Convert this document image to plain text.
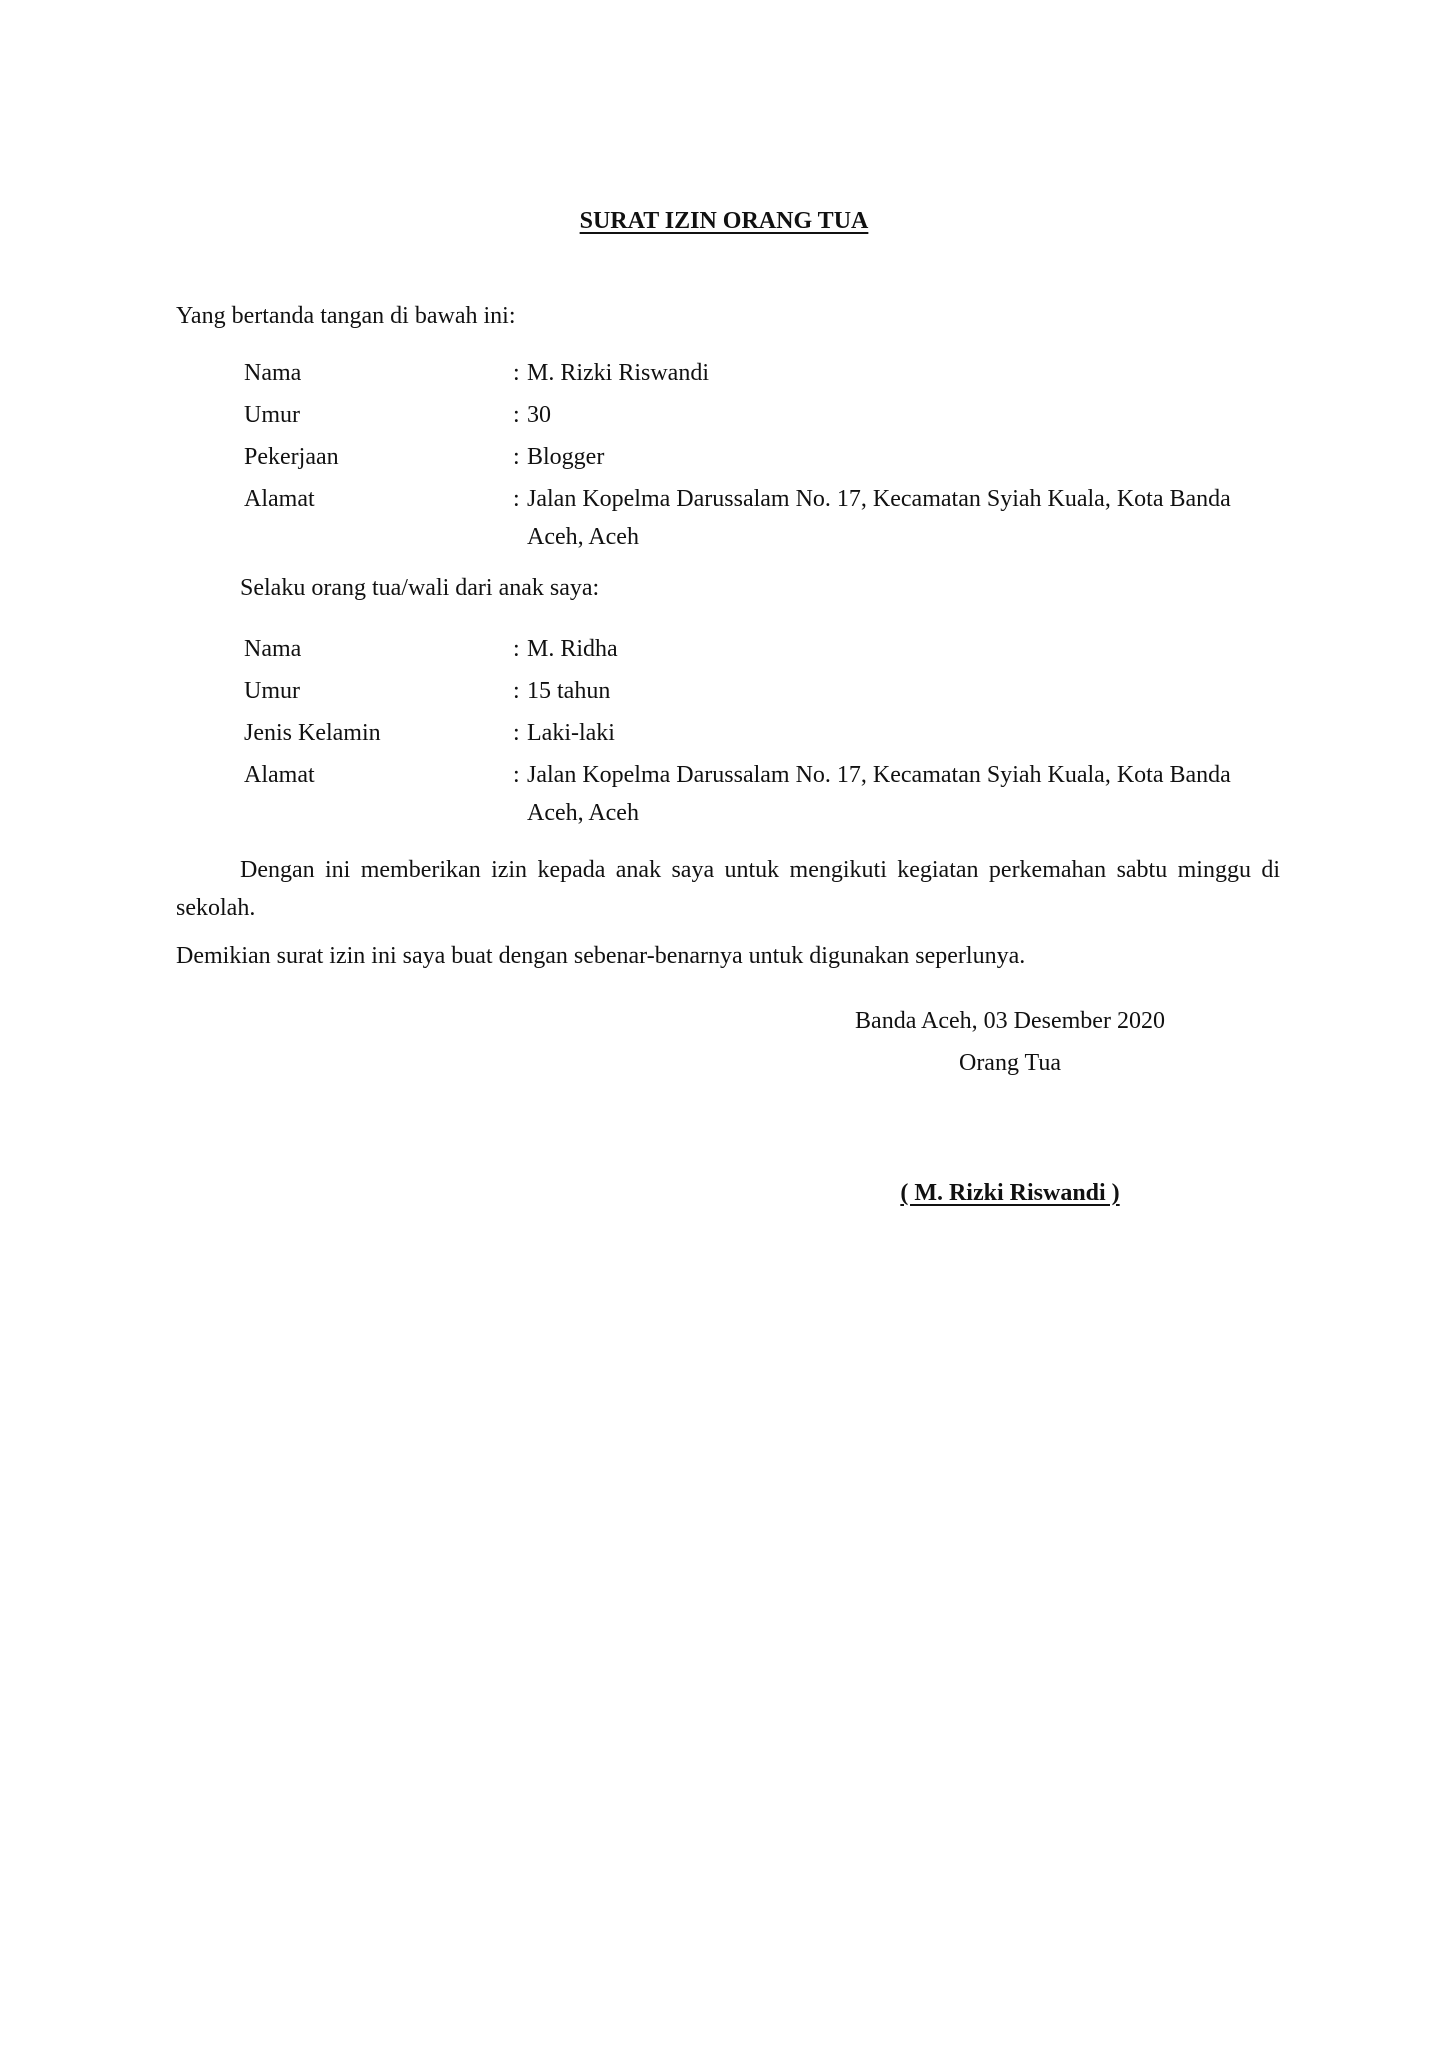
SURAT IZIN ORANG TUA
Yang bertanda tangan di bawah ini:
Nama	: M. Rizki Riswandi
Umur	: 30
Pekerjaan	: Blogger
Alamat	: Jalan Kopelma Darussalam No. 17, Kecamatan Syiah Kuala, Kota Banda Aceh, Aceh
Selaku orang tua/wali dari anak saya:
Nama	: M. Ridha
Umur	: 15 tahun
Jenis Kelamin	: Laki-laki
Alamat	: Jalan Kopelma Darussalam No. 17, Kecamatan Syiah Kuala, Kota Banda Aceh, Aceh
Dengan ini memberikan izin kepada anak saya untuk mengikuti kegiatan perkemahan sabtu minggu di sekolah.
Demikian surat izin ini saya buat dengan sebenar-benarnya untuk digunakan seperlunya.
Banda Aceh, 03 Desember 2020
Orang Tua
( M. Rizki Riswandi )
